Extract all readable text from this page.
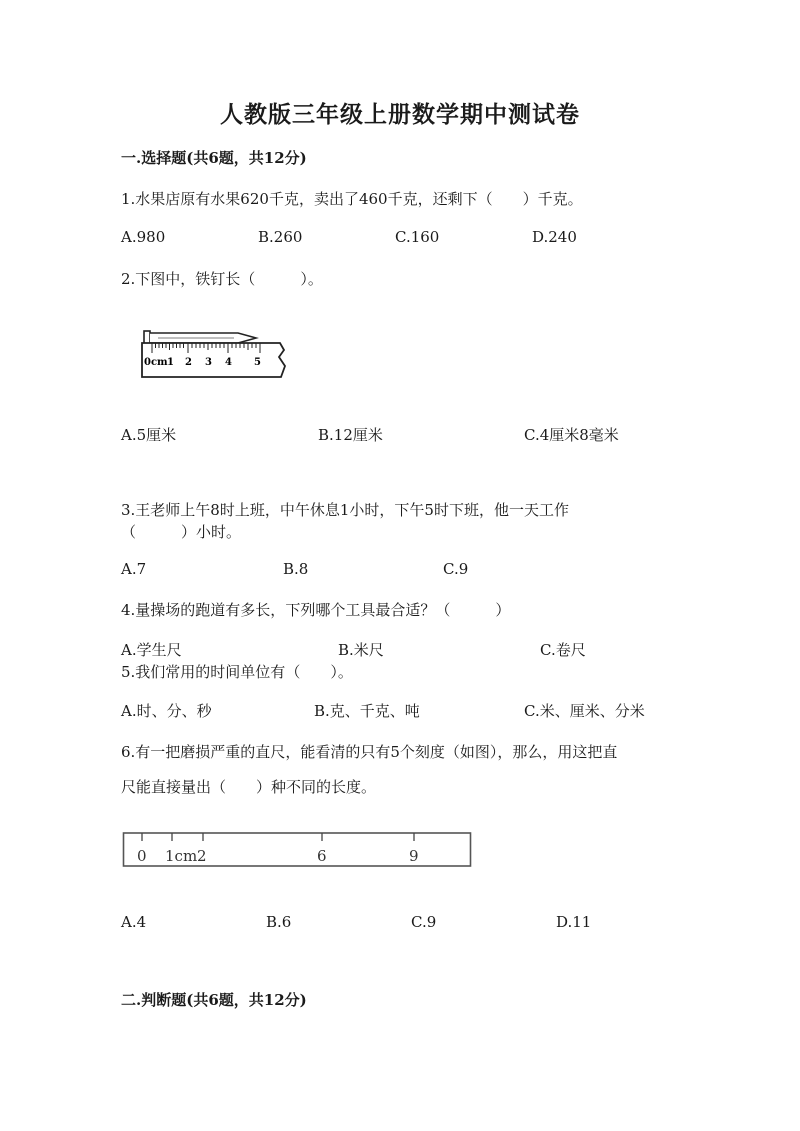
人教版三年级上册数学期中测试卷
一.选择题(共6题，共12分)
1.水果店原有水果620千克，卖出了460千克，还剩下（　　）千克。
A.980	B.260	C.160	D.240
2.下图中，铁钉长（　　　）。
0cm 1 2 3 4 5
A.5厘米	B.12厘米	C.4厘米8毫米
3.王老师上午8时上班，中午休息1小时，下午5时下班，他一天工作
（　　　）小时。
A.7	B.8	C.9
4.量操场的跑道有多长，下列哪个工具最合适？（　　　）
A.学生尺	B.米尺	C.卷尺
5.我们常用的时间单位有（　　）。
A.时、分、秒	B.克、千克、吨	C.米、厘米、分米
6.有一把磨损严重的直尺，能看清的只有5个刻度（如图），那么，用这把直
尺能直接量出（　　）种不同的长度。
0 1cm 2	6	9
A.4	B.6	C.9	D.11
二.判断题(共6题，共12分)
